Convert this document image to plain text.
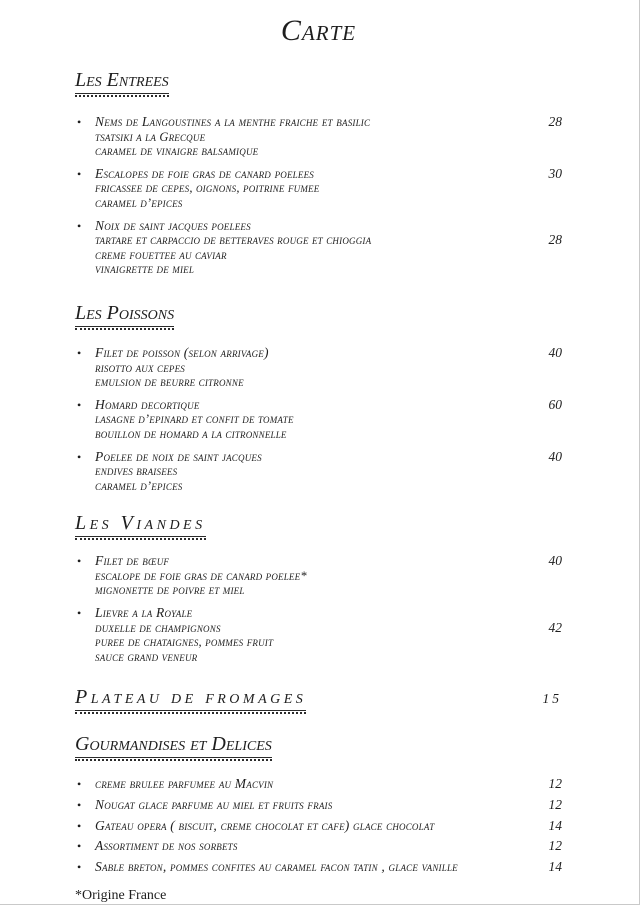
Carte
Les Entrees
•	Nems de Langoustines a la menthe fraiche et basilic	28
tsatsiki a la Grecque
caramel de vinaigre balsamique
•	Escalopes de foie gras de canard poelees	30
fricassee de cepes, oignons, poitrine fumee
caramel d’epices
•	Noix de saint jacques poelees
tartare et carpaccio de betteraves rouge et chioggia	28
creme fouettee au caviar
vinaigrette de miel
Les Poissons
•	Filet de poisson (selon arrivage)	40
risotto aux cepes
emulsion de beurre citronne
•	Homard decortique	60
lasagne d’epinard et confit de tomate
bouillon de homard a la citronnelle
•	Poelee de noix de saint jacques	40
endives braisees
caramel d’epices
Les Viandes
•	Filet de bœuf	40
escalope de foie gras de canard poelee*
mignonette de poivre et miel
•	Lievre a la Royale
duxelle de champignons	42
puree de chataignes, pommes fruit
sauce grand veneur
Plateau de fromages	15
Gourmandises et Delices
•	creme brulee parfumee au Macvin	12
•	Nougat glace parfume au miel et fruits frais	12
•	Gateau opera ( biscuit, creme chocolat et cafe) glace chocolat	14
•	Assortiment de nos sorbets	12
•	Sable breton, pommes confites au caramel facon tatin , glace vanille	14
*Origine France
